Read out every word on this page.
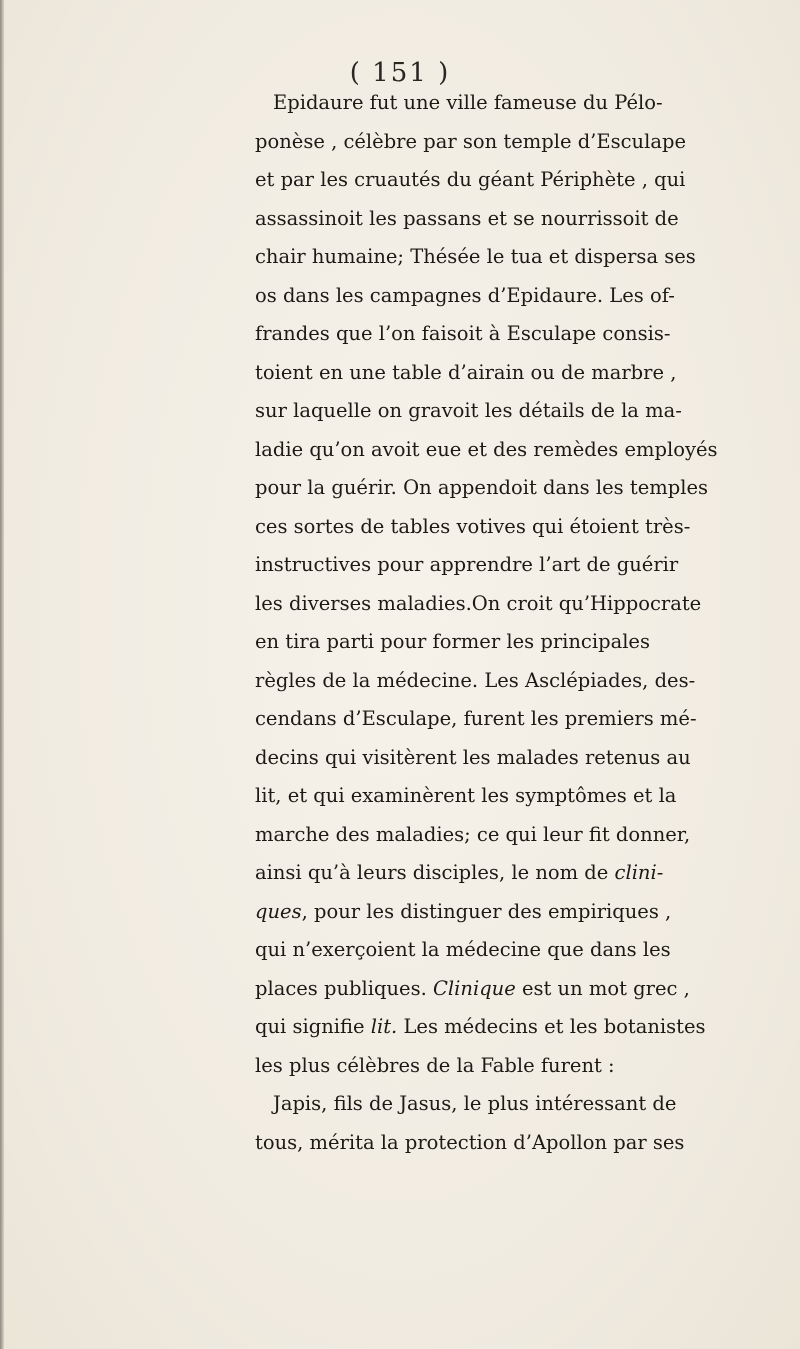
( 151 )
Epidaure fut une ville fameuse du Pélo-
ponèse , célèbre par son temple d’Esculape
et par les cruautés du géant Périphète , qui
assassinoit les passans et se nourrissoit de
chair humaine; Thésée le tua et dispersa ses
os dans les campagnes d’Epidaure. Les of-
frandes que l’on faisoit à Esculape consis-
toient en une table d’airain ou de marbre ,
sur laquelle on gravoit les détails de la ma-
ladie qu’on avoit eue et des remèdes employés
pour la guérir. On appendoit dans les temples
ces sortes de tables votives qui étoient très-
instructives pour apprendre l’art de guérir
les diverses maladies.On croit qu’Hippocrate
en tira parti pour former les principales
règles de la médecine. Les Asclépiades, des-
cendans d’Esculape, furent les premiers mé-
decins qui visitèrent les malades retenus au
lit, et qui examinèrent les symptômes et la
marche des maladies; ce qui leur fit donner,
ainsi qu’à leurs disciples, le nom de clini-
ques, pour les distinguer des empiriques ,
qui n’exerçoient la médecine que dans les
places publiques. Clinique est un mot grec ,
qui signifie lit. Les médecins et les botanistes
les plus célèbres de la Fable furent :
Japis, fils de Jasus, le plus intéressant de
tous, mérita la protection d’Apollon par ses
